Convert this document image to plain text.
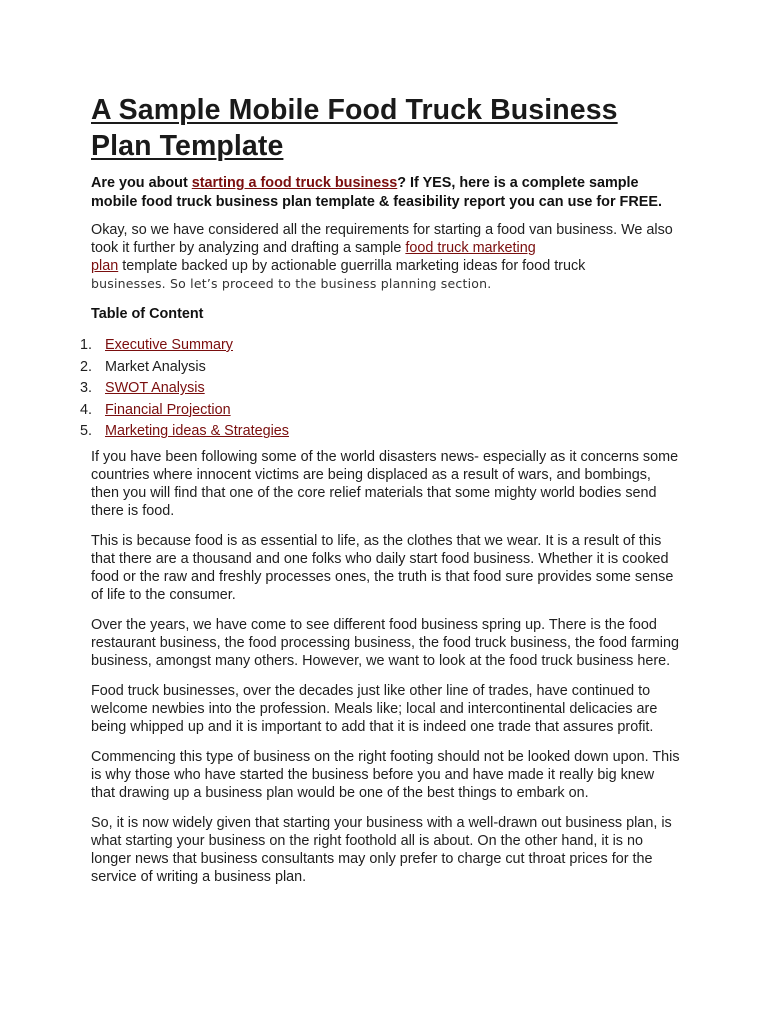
A Sample Mobile Food Truck Business Plan Template
Are you about starting a food truck business? If YES, here is a complete sample mobile food truck business plan template & feasibility report you can use for FREE.

Okay, so we have considered all the requirements for starting a food van business. We also took it further by analyzing and drafting a sample food truck marketing
plan template backed up by actionable guerrilla marketing ideas for food truck
businesses. So let’s proceed to the business planning section.

Table of Content
1. Executive Summary
2. Market Analysis
3. SWOT Analysis
4. Financial Projection
5. Marketing ideas & Strategies

If you have been following some of the world disasters news- especially as it concerns some countries where innocent victims are being displaced as a result of wars, and bombings, then you will find that one of the core relief materials that some mighty world bodies send there is food.

This is because food is as essential to life, as the clothes that we wear. It is a result of this that there are a thousand and one folks who daily start food business. Whether it is cooked food or the raw and freshly processes ones, the truth is that food sure provides some sense of life to the consumer.

Over the years, we have come to see different food business spring up. There is the food restaurant business, the food processing business, the food truck business, the food farming business, amongst many others. However, we want to look at the food truck business here.

Food truck businesses, over the decades just like other line of trades, have continued to welcome newbies into the profession. Meals like; local and intercontinental delicacies are being whipped up and it is important to add that it is indeed one trade that assures profit.

Commencing this type of business on the right footing should not be looked down upon. This is why those who have started the business before you and have made it really big knew that drawing up a business plan would be one of the best things to embark on.

So, it is now widely given that starting your business with a well-drawn out business plan, is what starting your business on the right foothold all is about. On the other hand, it is no longer news that business consultants may only prefer to charge cut throat prices for the service of writing a business plan.
